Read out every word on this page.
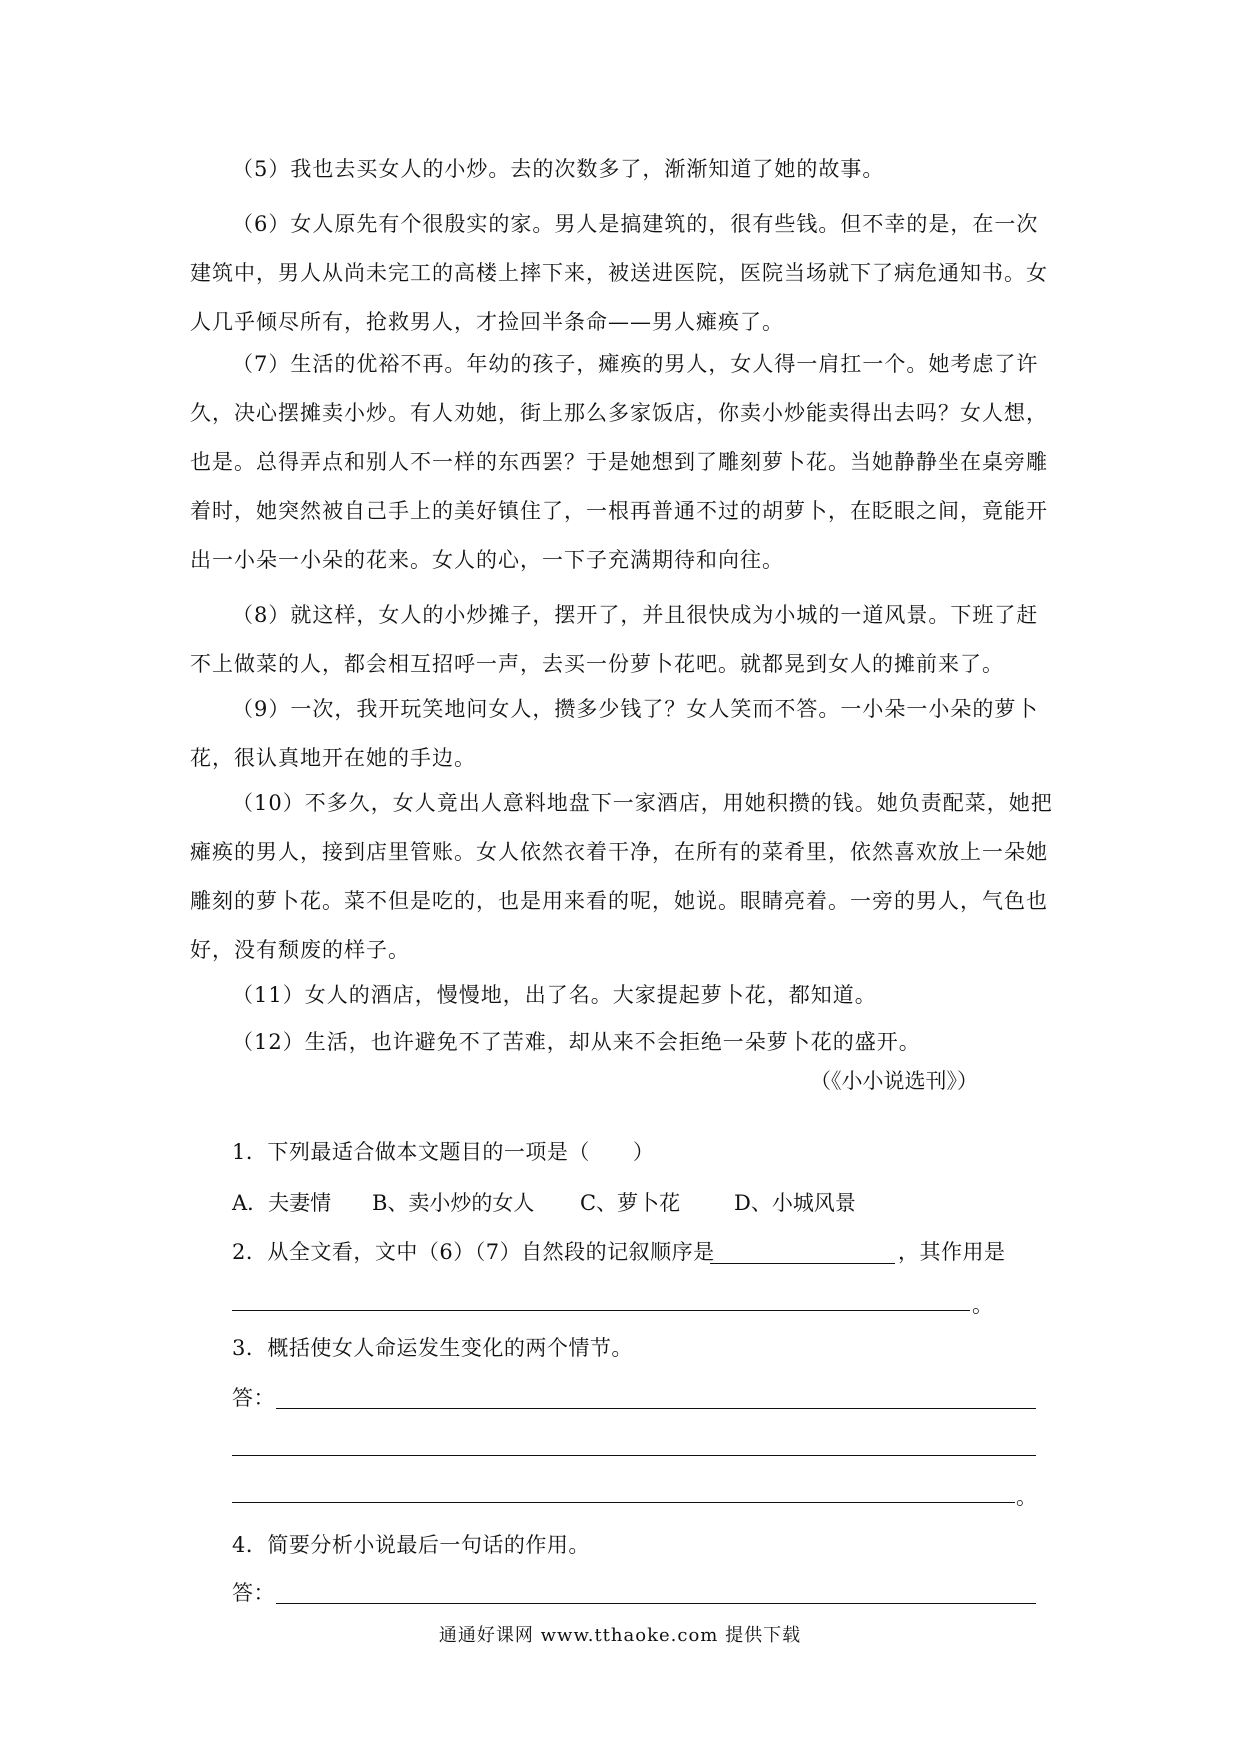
（5）我也去买女人的小炒。去的次数多了，渐渐知道了她的故事。

（6）女人原先有个很殷实的家。男人是搞建筑的，很有些钱。但不幸的是，在一次建筑中，男人从尚未完工的高楼上摔下来，被送进医院，医院当场就下了病危通知书。女人几乎倾尽所有，抢救男人，才捡回半条命——男人瘫痪了。

（7）生活的优裕不再。年幼的孩子，瘫痪的男人，女人得一肩扛一个。她考虑了许久，决心摆摊卖小炒。有人劝她，街上那么多家饭店，你卖小炒能卖得出去吗？女人想，也是。总得弄点和别人不一样的东西罢？于是她想到了雕刻萝卜花。当她静静坐在桌旁雕着时，她突然被自己手上的美好镇住了，一根再普通不过的胡萝卜，在眨眼之间，竟能开出一小朵一小朵的花来。女人的心，一下子充满期待和向往。

（8）就这样，女人的小炒摊子，摆开了，并且很快成为小城的一道风景。下班了赶不上做菜的人，都会相互招呼一声，去买一份萝卜花吧。就都晃到女人的摊前来了。

（9）一次，我开玩笑地问女人，攒多少钱了？女人笑而不答。一小朵一小朵的萝卜花，很认真地开在她的手边。

（10）不多久，女人竟出人意料地盘下一家酒店，用她积攒的钱。她负责配菜，她把瘫痪的男人，接到店里管账。女人依然衣着干净，在所有的菜肴里，依然喜欢放上一朵她雕刻的萝卜花。菜不但是吃的，也是用来看的呢，她说。眼睛亮着。一旁的男人，气色也好，没有颓废的样子。

（11）女人的酒店，慢慢地，出了名。大家提起萝卜花，都知道。

（12）生活，也许避免不了苦难，却从来不会拒绝一朵萝卜花的盛开。

（《小小说选刊》）
1．下列最适合做本文题目的一项是（　　）
A．夫妻情 B、卖小炒的女人 C、萝卜花	D、小城风景
2．从全文看，文中（6）（7）自然段的记叙顺序是	，其作用是
。
3．概括使女人命运发生变化的两个情节。
答：
。
4．简要分析小说最后一句话的作用。
答：
通通好课网 www.tthaoke.com 提供下载
